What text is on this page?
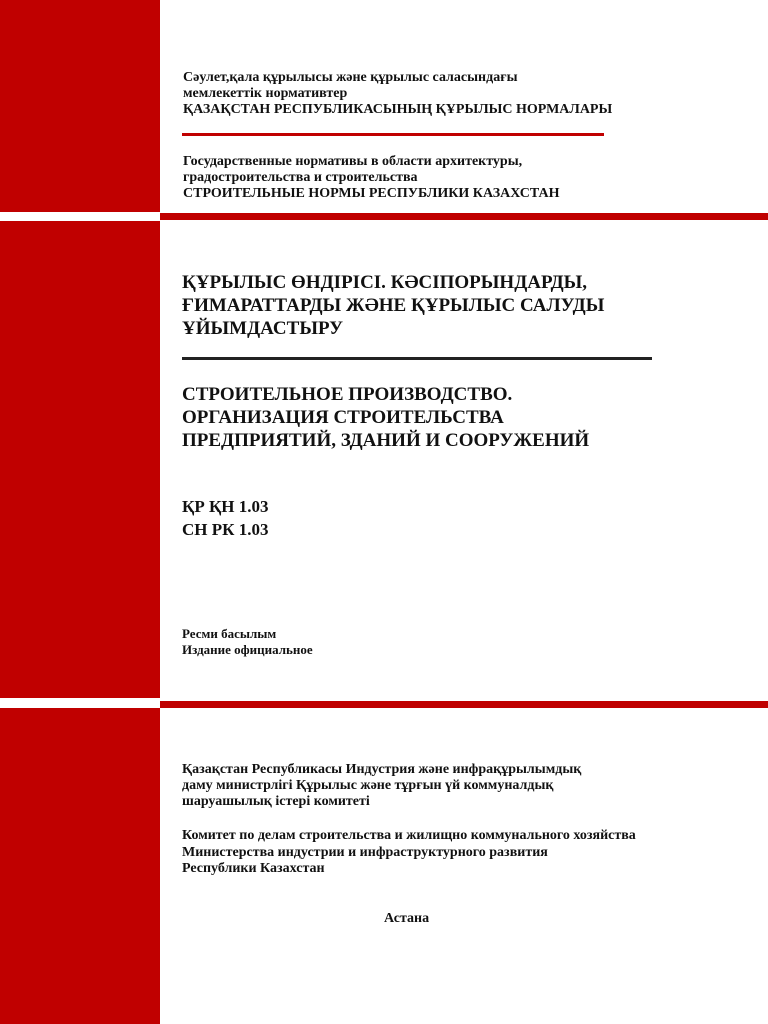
Сәулет,қала құрылысы және құрылыс саласындағы
мемлекеттік нормативтер
ҚАЗАҚСТАН РЕСПУБЛИКАСЫНЫҢ ҚҰРЫЛЫС НОРМАЛАРЫ
Государственные нормативы в области архитектуры,
градостроительства и строительства
СТРОИТЕЛЬНЫЕ НОРМЫ РЕСПУБЛИКИ КАЗАХСТАН
ҚҰРЫЛЫС ӨНДІРІСІ. КӘСІПОРЫНДАРДЫ,
ҒИМАРАТТАРДЫ ЖӘНЕ ҚҰРЫЛЫС САЛУДЫ
ҰЙЫМДАСТЫРУ
СТРОИТЕЛЬНОЕ ПРОИЗВОДСТВО.
ОРГАНИЗАЦИЯ СТРОИТЕЛЬСТВА
ПРЕДПРИЯТИЙ, ЗДАНИЙ И СООРУЖЕНИЙ
ҚР ҚН 1.03
СН РК 1.03
Ресми басылым
Издание официальное
Қазақстан Республикасы Индустрия және инфрақұрылымдық
даму министрлігі Құрылыс және тұрғын үй коммуналдық
шаруашылық істері комитеті
Комитет по делам строительства и жилищно коммунального хозяйства
Министерства индустрии и инфраструктурного развития
Республики Казахстан
Астана
